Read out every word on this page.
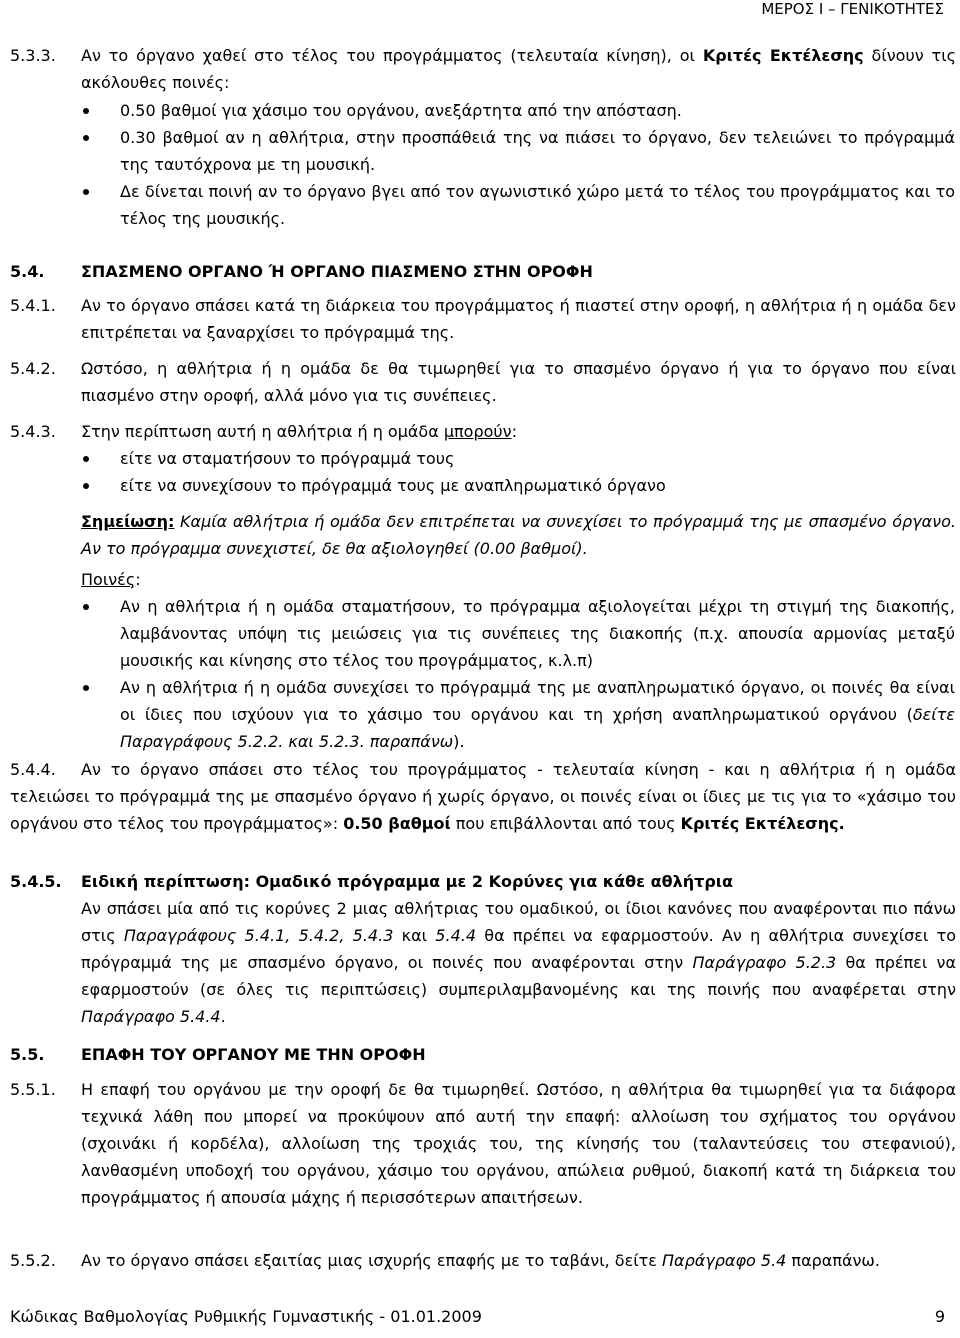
ΜΕΡΟΣ Ι – ΓΕΝΙΚΟΤΗΤΕΣ
5.3.3. Αν το όργανο χαθεί στο τέλος του προγράμματος (τελευταία κίνηση), οι Κριτές Εκτέλεσης δίνουν τις ακόλουθες ποινές:
0.50 βαθμοί για χάσιμο του οργάνου, ανεξάρτητα από την απόσταση.
0.30 βαθμοί αν η αθλήτρια, στην προσπάθειά της να πιάσει το όργανο, δεν τελειώνει το πρόγραμμά της ταυτόχρονα με τη μουσική.
Δε δίνεται ποινή αν το όργανο βγει από τον αγωνιστικό χώρο μετά το τέλος του προγράμματος και το τέλος της μουσικής.
5.4. ΣΠΑΣΜΕΝΟ ΟΡΓΑΝΟ Ή ΟΡΓΑΝΟ ΠΙΑΣΜΕΝΟ ΣΤΗΝ ΟΡΟΦΗ
5.4.1. Αν το όργανο σπάσει κατά τη διάρκεια του προγράμματος ή πιαστεί στην οροφή, η αθλήτρια ή η ομάδα δεν επιτρέπεται να ξαναρχίσει το πρόγραμμά της.
5.4.2. Ωστόσο, η αθλήτρια ή η ομάδα δε θα τιμωρηθεί για το σπασμένο όργανο ή για το όργανο που είναι πιασμένο στην οροφή, αλλά μόνο για τις συνέπειες.
5.4.3. Στην περίπτωση αυτή η αθλήτρια ή η ομάδα μπορούν:
είτε να σταματήσουν το πρόγραμμά τους
είτε να συνεχίσουν το πρόγραμμά τους με αναπληρωματικό όργανο
Σημείωση: Καμία αθλήτρια ή ομάδα δεν επιτρέπεται να συνεχίσει το πρόγραμμά της με σπασμένο όργανο. Αν το πρόγραμμα συνεχιστεί, δε θα αξιολογηθεί (0.00 βαθμοί).
Ποινές:
Αν η αθλήτρια ή η ομάδα σταματήσουν, το πρόγραμμα αξιολογείται μέχρι τη στιγμή της διακοπής, λαμβάνοντας υπόψη τις μειώσεις για τις συνέπειες της διακοπής (π.χ. απουσία αρμονίας μεταξύ μουσικής και κίνησης στο τέλος του προγράμματος, κ.λ.π)
Αν η αθλήτρια ή η ομάδα συνεχίσει το πρόγραμμά της με αναπληρωματικό όργανο, οι ποινές θα είναι οι ίδιες που ισχύουν για το χάσιμο του οργάνου και τη χρήση αναπληρωματικού οργάνου (δείτε Παραγράφους 5.2.2. και 5.2.3. παραπάνω).
5.4.4.	Αν το όργανο σπάσει στο τέλος του προγράμματος - τελευταία κίνηση - και η αθλήτρια ή η ομάδα τελειώσει το πρόγραμμά της με σπασμένο όργανο ή χωρίς όργανο, οι ποινές είναι οι ίδιες με τις για το «χάσιμο του οργάνου στο τέλος του προγράμματος»: 0.50 βαθμοί που επιβάλλονται από τους Κριτές Εκτέλεσης.
5.4.5. Ειδική περίπτωση: Ομαδικό πρόγραμμα με 2 Κορύνες για κάθε αθλήτρια
Αν σπάσει μία από τις κορύνες 2 μιας αθλήτριας του ομαδικού, οι ίδιοι κανόνες που αναφέρονται πιο πάνω στις Παραγράφους 5.4.1, 5.4.2, 5.4.3 και 5.4.4 θα πρέπει να εφαρμοστούν. Αν η αθλήτρια συνεχίσει το πρόγραμμά της με σπασμένο όργανο, οι ποινές που αναφέρονται στην Παράγραφο 5.2.3 θα πρέπει να εφαρμοστούν (σε όλες τις περιπτώσεις) συμπεριλαμβανομένης και της ποινής που αναφέρεται στην Παράγραφο 5.4.4.
5.5. ΕΠΑΦΗ ΤΟΥ ΟΡΓΑΝΟΥ ΜΕ ΤΗΝ ΟΡΟΦΗ
5.5.1. Η επαφή του οργάνου με την οροφή δε θα τιμωρηθεί. Ωστόσο, η αθλήτρια θα τιμωρηθεί για τα διάφορα τεχνικά λάθη που μπορεί να προκύψουν από αυτή την επαφή: αλλοίωση του σχήματος του οργάνου (σχοινάκι ή κορδέλα), αλλοίωση της τροχιάς του, της κίνησής του (ταλαντεύσεις του στεφανιού), λανθασμένη υποδοχή του οργάνου, χάσιμο του οργάνου, απώλεια ρυθμού, διακοπή κατά τη διάρκεια του προγράμματος ή απουσία μάχης ή περισσότερων απαιτήσεων.
5.5.2. Αν το όργανο σπάσει εξαιτίας μιας ισχυρής επαφής με το ταβάνι, δείτε Παράγραφο 5.4 παραπάνω.
Κώδικας Βαθμολογίας Ρυθμικής Γυμναστικής - 01.01.2009	9
